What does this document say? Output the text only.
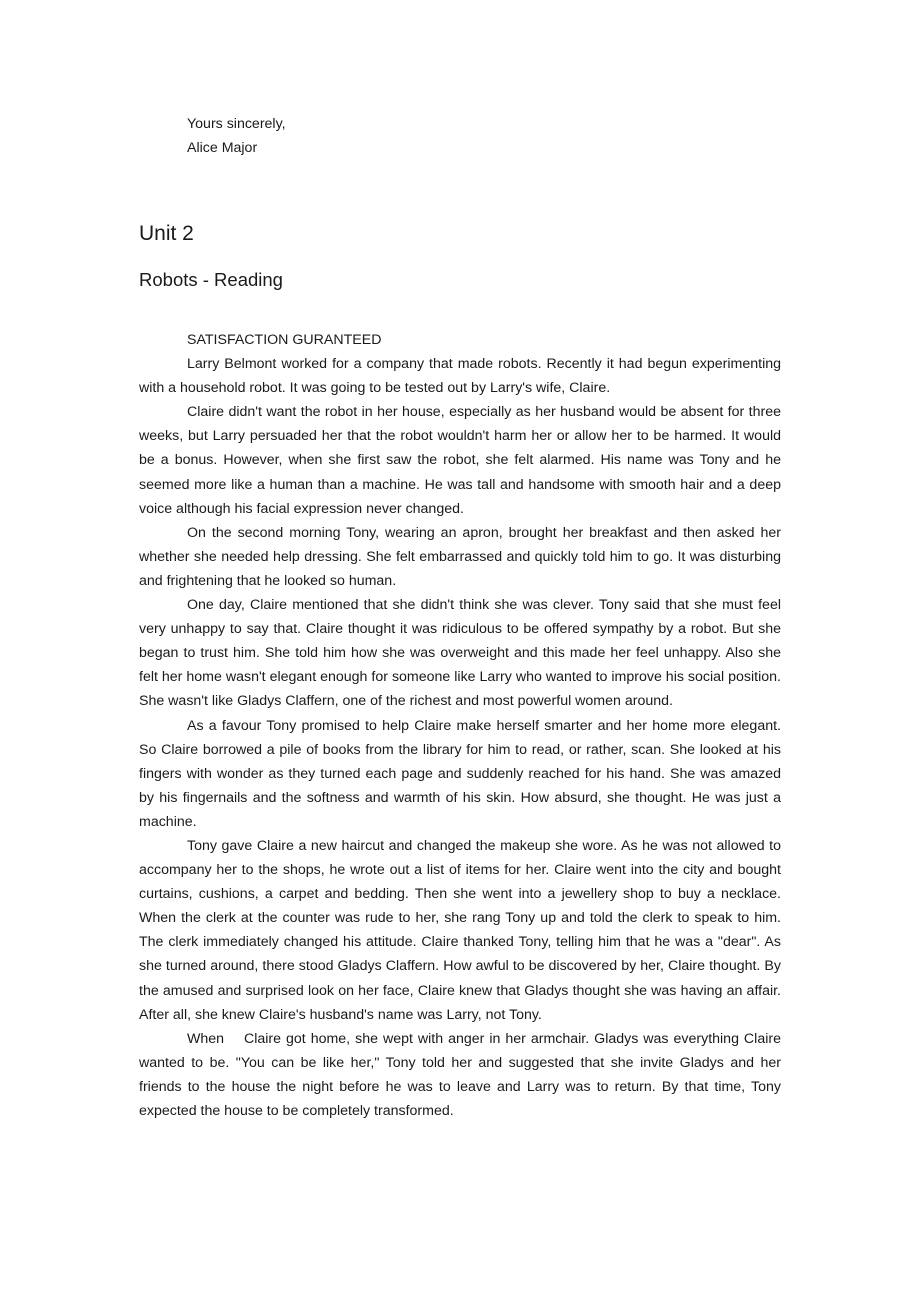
Yours sincerely,
Alice Major
Unit 2
Robots - Reading
SATISFACTION GURANTEED

Larry Belmont worked for a company that made robots. Recently it had begun experimenting with a household robot. It was going to be tested out by Larry's wife, Claire.

Claire didn't want the robot in her house, especially as her husband would be absent for three weeks, but Larry persuaded her that the robot wouldn't harm her or allow her to be harmed. It would be a bonus. However, when she first saw the robot, she felt alarmed. His name was Tony and he seemed more like a human than a machine. He was tall and handsome with smooth hair and a deep voice although his facial expression never changed.

On the second morning Tony, wearing an apron, brought her breakfast and then asked her whether she needed help dressing. She felt embarrassed and quickly told him to go. It was disturbing and frightening that he looked so human.

One day, Claire mentioned that she didn't think she was clever. Tony said that she must feel very unhappy to say that. Claire thought it was ridiculous to be offered sympathy by a robot. But she began to trust him. She told him how she was overweight and this made her feel unhappy. Also she felt her home wasn't elegant enough for someone like Larry who wanted to improve his social position. She wasn't like Gladys Claffern, one of the richest and most powerful women around.

As a favour Tony promised to help Claire make herself smarter and her home more elegant. So Claire borrowed a pile of books from the library for him to read, or rather, scan. She looked at his fingers with wonder as they turned each page and suddenly reached for his hand. She was amazed by his fingernails and the softness and warmth of his skin. How absurd, she thought. He was just a machine.

Tony gave Claire a new haircut and changed the makeup she wore. As he was not allowed to accompany her to the shops, he wrote out a list of items for her. Claire went into the city and bought curtains, cushions, a carpet and bedding. Then she went into a jewellery shop to buy a necklace. When the clerk at the counter was rude to her, she rang Tony up and told the clerk to speak to him. The clerk immediately changed his attitude. Claire thanked Tony, telling him that he was a "dear". As she turned around, there stood Gladys Claffern. How awful to be discovered by her, Claire thought. By the amused and surprised look on her face, Claire knew that Gladys thought she was having an affair. After all, she knew Claire's husband's name was Larry, not Tony.

When    Claire got home, she wept with anger in her armchair. Gladys was everything Claire wanted to be. "You can be like her," Tony told her and suggested that she invite Gladys and her friends to the house the night before he was to leave and Larry was to return. By that time, Tony expected the house to be completely transformed.
